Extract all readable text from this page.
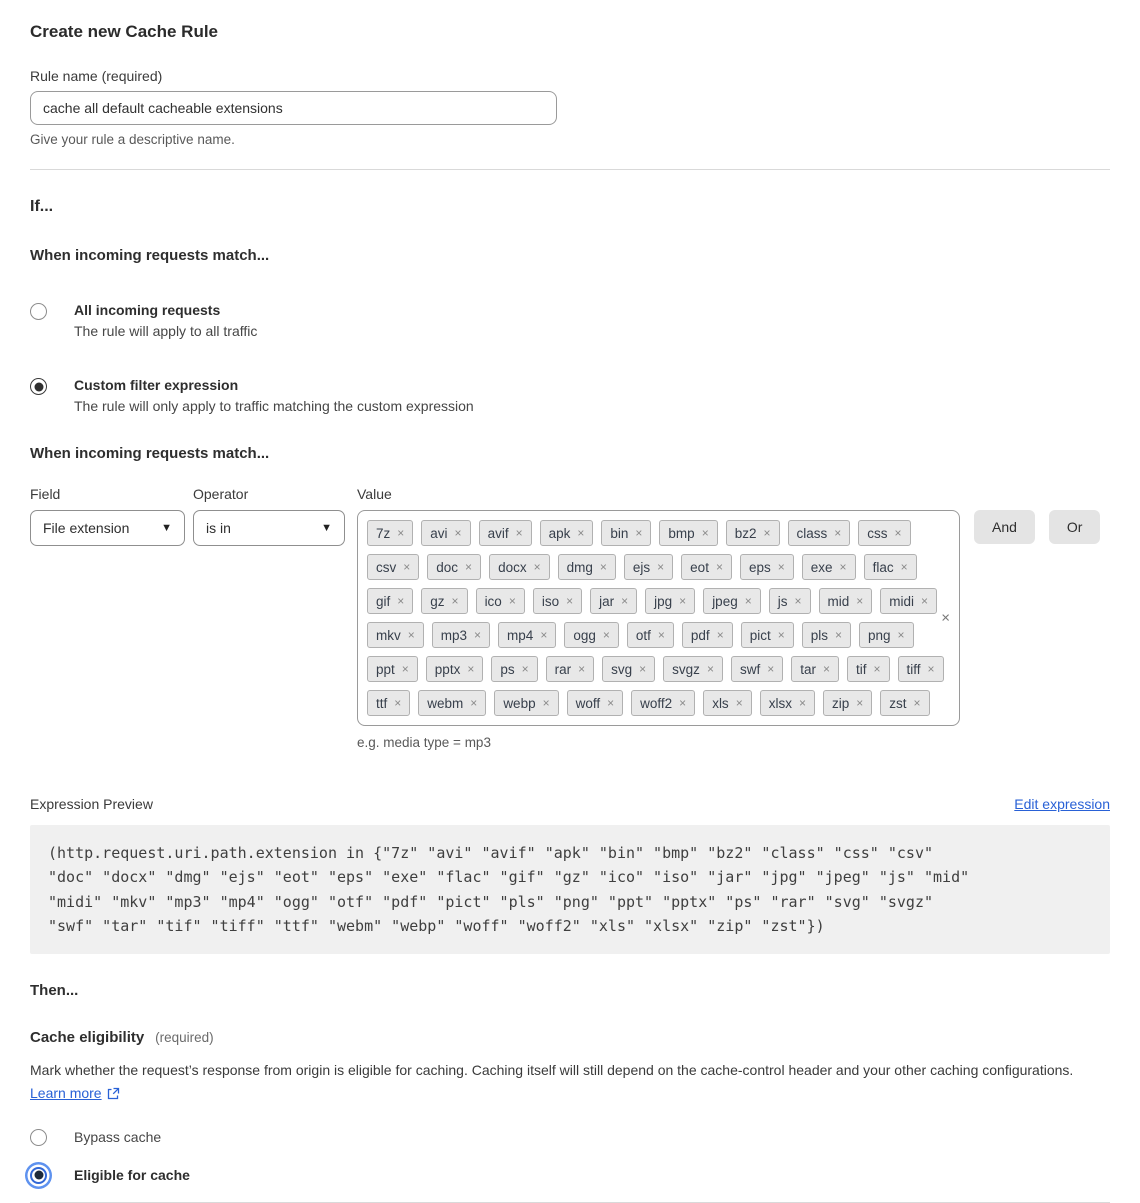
Create new Cache Rule
Rule name (required)
cache all default cacheable extensions
Give your rule a descriptive name.
If...
When incoming requests match...
All incoming requests
The rule will apply to all traffic
Custom filter expression
The rule will only apply to traffic matching the custom expression
When incoming requests match...
Field
File extension	▼
Operator
is in	▼
Value
7z ×	avi ×	avif ×	apk ×	bin ×	bmp ×	bz2 ×	class ×	css ×
csv ×	doc ×	docx ×	dmg ×	ejs ×	eot ×	eps ×	exe ×	flac ×
gif ×	gz ×	ico ×	iso ×	jar ×	jpg ×	jpeg ×	js ×	mid ×	midi ×
mkv ×	mp3 ×	mp4 ×	ogg ×	otf ×	pdf ×	pict ×	pls ×	png ×
ppt ×	pptx ×	ps ×	rar ×	svg ×	svgz ×	swf ×	tar ×	tif ×	tiff ×
ttf ×	webm ×	webp ×	woff ×	woff2 ×	xls ×	xlsx ×	zip ×	zst ×
×
e.g. media type = mp3
And	Or
Expression Preview	Edit expression
(http.request.uri.path.extension in {"7z" "avi" "avif" "apk" "bin" "bmp" "bz2" "class" "css" "csv"
"doc" "docx" "dmg" "ejs" "eot" "eps" "exe" "flac" "gif" "gz" "ico" "iso" "jar" "jpg" "jpeg" "js" "mid"
"midi" "mkv" "mp3" "mp4" "ogg" "otf" "pdf" "pict" "pls" "png" "ppt" "pptx" "ps" "rar" "svg" "svgz"
"swf" "tar" "tif" "tiff" "ttf" "webm" "webp" "woff" "woff2" "xls" "xlsx" "zip" "zst"})
Then...
Cache eligibility (required)
Mark whether the request’s response from origin is eligible for caching. Caching itself will still depend on the cache-control header and your other caching configurations. Learn more
Bypass cache
Eligible for cache
